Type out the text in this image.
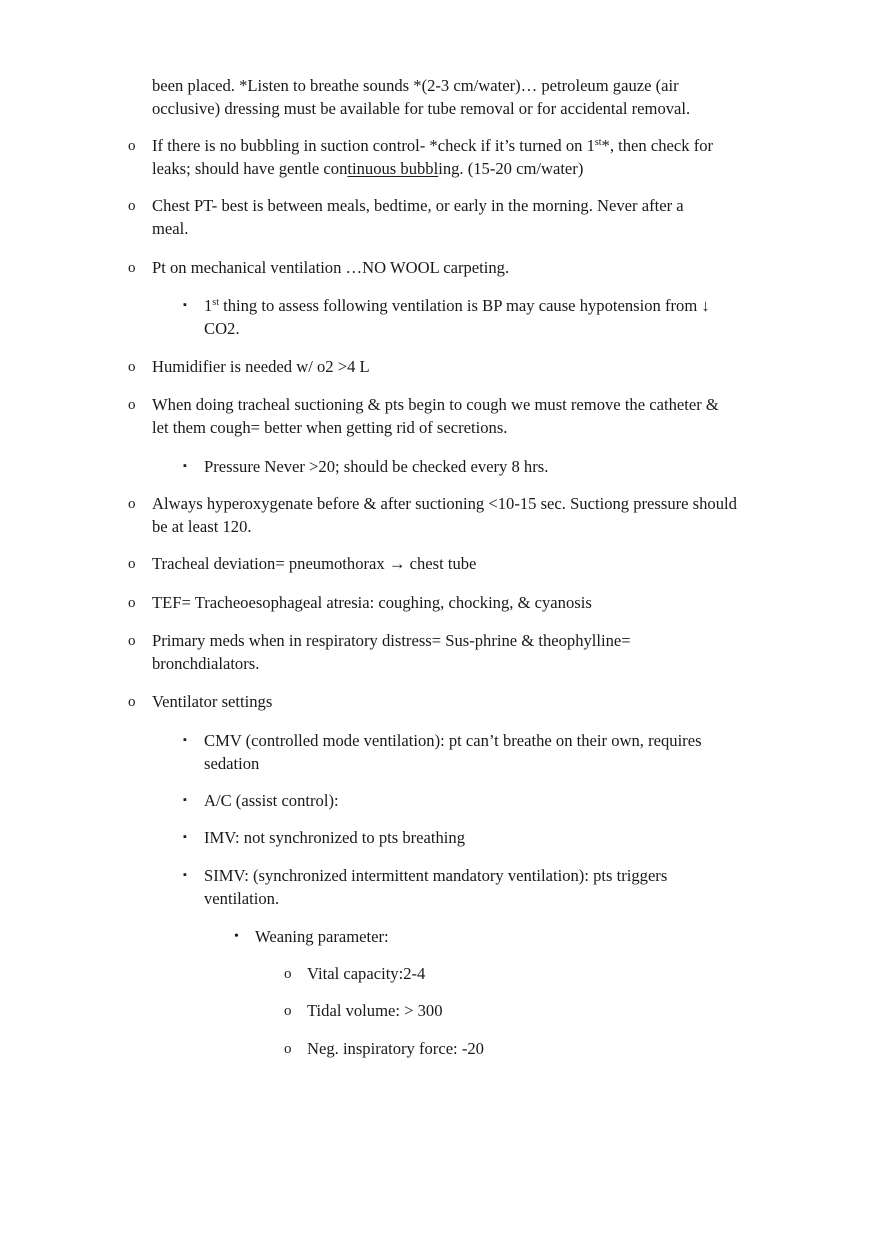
been placed. *Listen to breathe sounds *(2-3 cm/water)… petroleum gauze (air
occlusive) dressing must be available for tube removal or for accidental removal.
o If there is no bubbling in suction control- *check if it’s turned on 1st*, then check for
leaks; should have gentle continuous bubbling. (15-20 cm/water)
o Chest PT- best is between meals, bedtime, or early in the morning. Never after a
meal.
o Pt on mechanical ventilation …NO WOOL carpeting.
▪ 1st thing to assess following ventilation is BP may cause hypotension from ↓
CO2.
o Humidifier is needed w/ o2 >4 L
o When doing tracheal suctioning & pts begin to cough we must remove the catheter &
let them cough= better when getting rid of secretions.
▪ Pressure Never >20; should be checked every 8 hrs.
o Always hyperoxygenate before & after suctioning <10-15 sec. Suctiong pressure should
be at least 120.
o Tracheal deviation= pneumothorax → chest tube
o TEF= Tracheoesophageal atresia: coughing, chocking, & cyanosis
o Primary meds when in respiratory distress= Sus-phrine & theophylline=
bronchdialators.
o Ventilator settings
▪ CMV (controlled mode ventilation): pt can’t breathe on their own, requires
sedation
▪ A/C (assist control):
▪ IMV: not synchronized to pts breathing
▪ SIMV: (synchronized intermittent mandatory ventilation): pts triggers
ventilation.
• Weaning parameter:
o Vital capacity:2-4
o Tidal volume: > 300
o Neg. inspiratory force: -20
